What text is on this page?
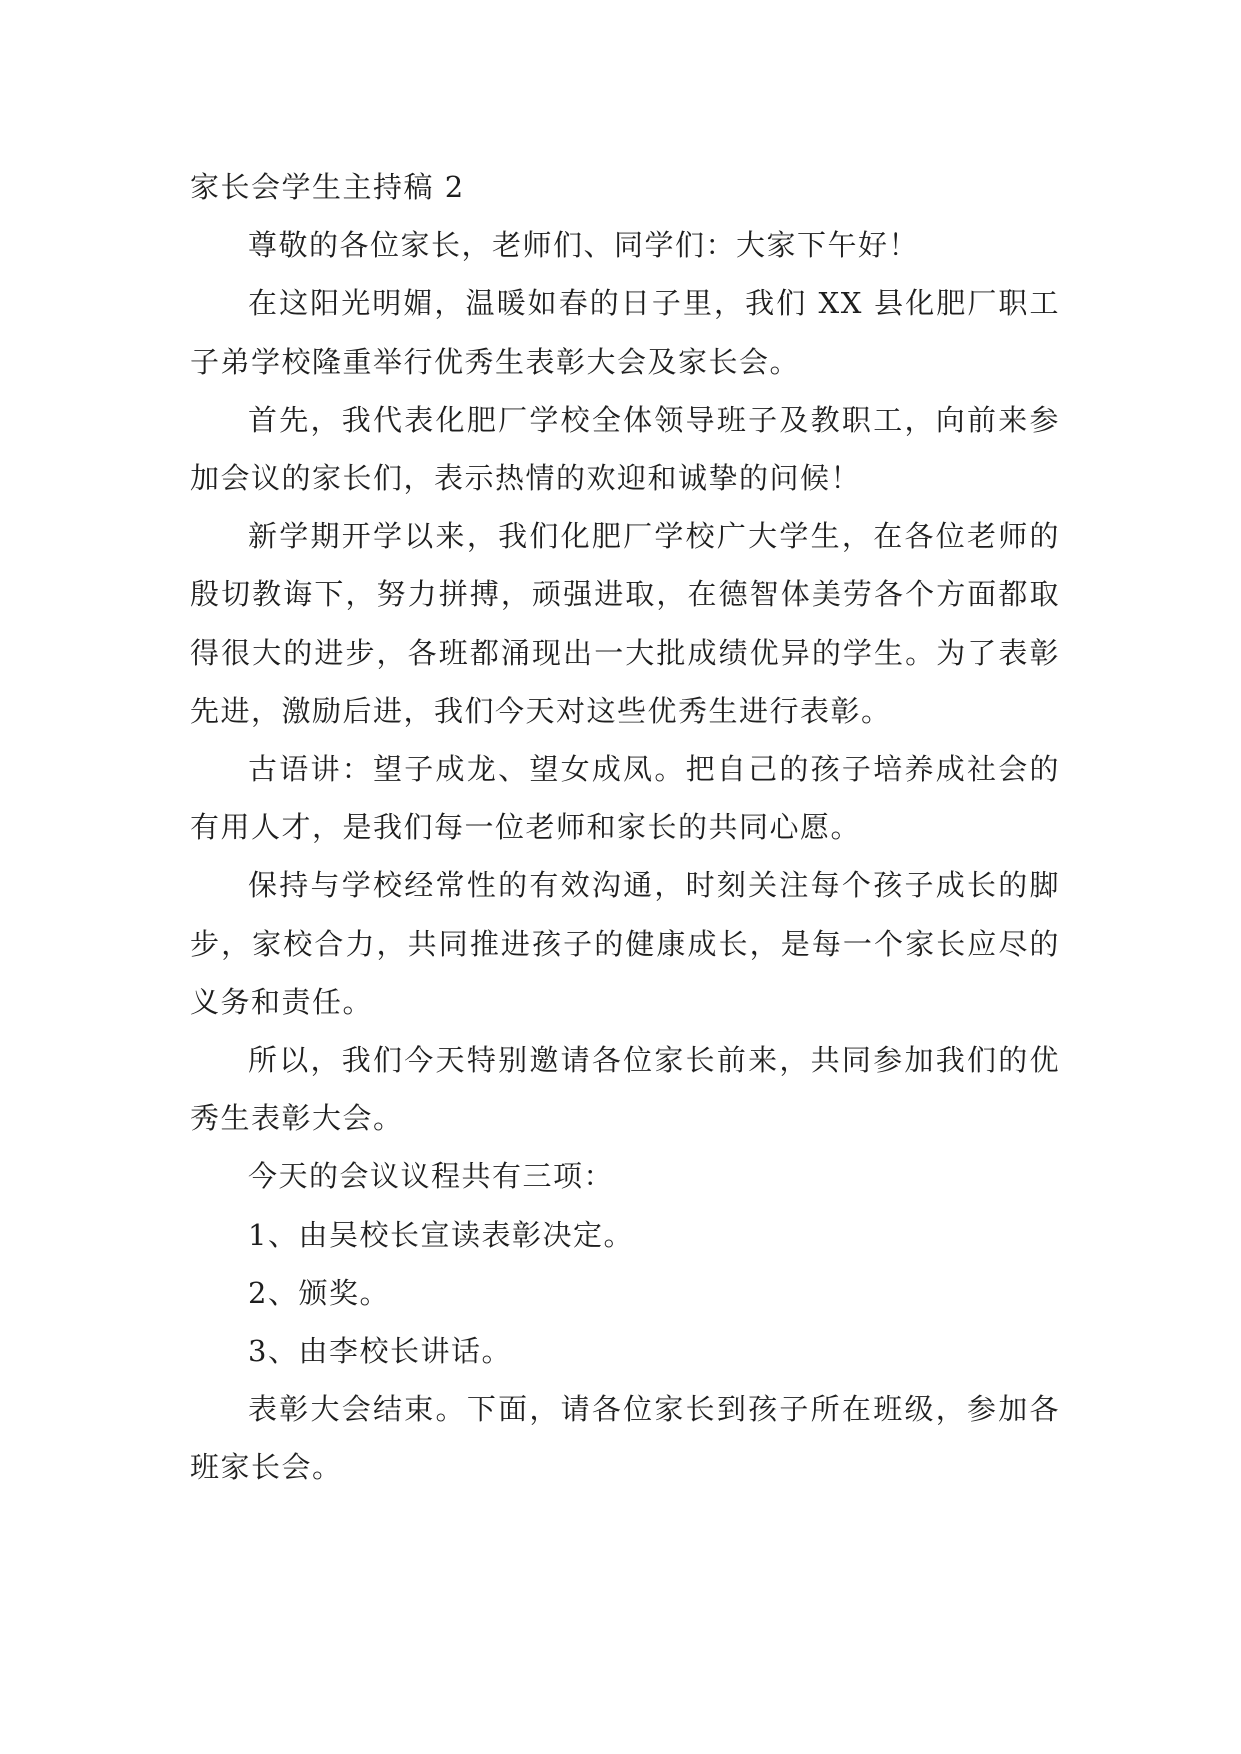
家长会学生主持稿 2

尊敬的各位家长，老师们、同学们：大家下午好！

在这阳光明媚，温暖如春的日子里，我们 XX 县化肥厂职工子弟学校隆重举行优秀生表彰大会及家长会。

首先，我代表化肥厂学校全体领导班子及教职工，向前来参加会议的家长们，表示热情的欢迎和诚挚的问候！

新学期开学以来，我们化肥厂学校广大学生，在各位老师的殷切教诲下，努力拼搏，顽强进取，在德智体美劳各个方面都取得很大的进步，各班都涌现出一大批成绩优异的学生。为了表彰先进，激励后进，我们今天对这些优秀生进行表彰。

古语讲：望子成龙、望女成凤。把自己的孩子培养成社会的有用人才，是我们每一位老师和家长的共同心愿。

保持与学校经常性的有效沟通，时刻关注每个孩子成长的脚步，家校合力，共同推进孩子的健康成长，是每一个家长应尽的义务和责任。

所以，我们今天特别邀请各位家长前来，共同参加我们的优秀生表彰大会。

今天的会议议程共有三项：

1、由吴校长宣读表彰决定。

2、颁奖。

3、由李校长讲话。

表彰大会结束。下面，请各位家长到孩子所在班级，参加各班家长会。
